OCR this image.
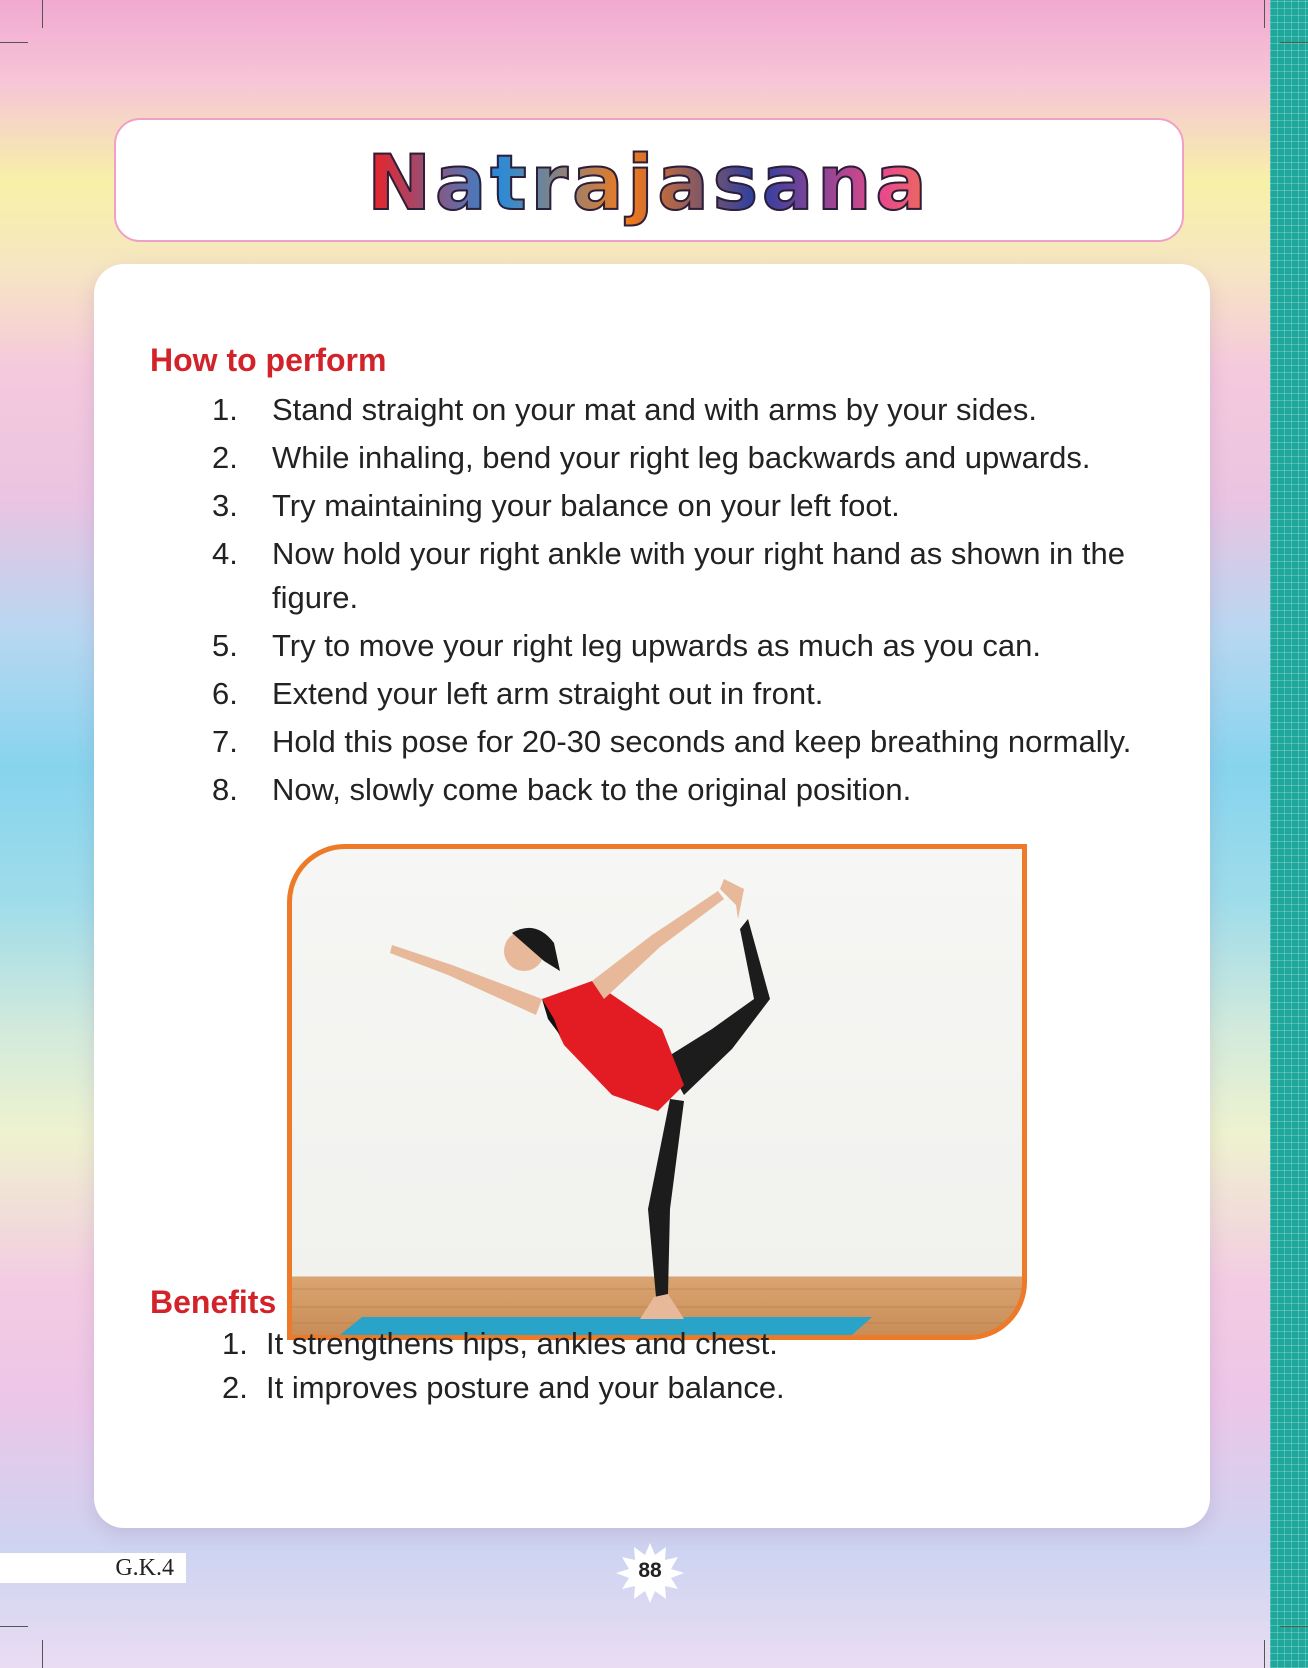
Natrajasana
How to perform
1.	Stand straight on your mat and with arms by your sides.
2.	While inhaling, bend your right leg backwards and upwards.
3.	Try maintaining your balance on your left foot.
4.	Now hold your right ankle with your right hand as shown in the figure.
5.	Try to move your right leg upwards as much as you can.
6.	Extend your left arm straight out in front.
7.	Hold this pose for 20-30 seconds and keep breathing normally.
8.	Now, slowly come back to the original position.
Benefits
1. It strengthens hips, ankles and chest.
2. It improves posture and your balance.
G.K.4	88
